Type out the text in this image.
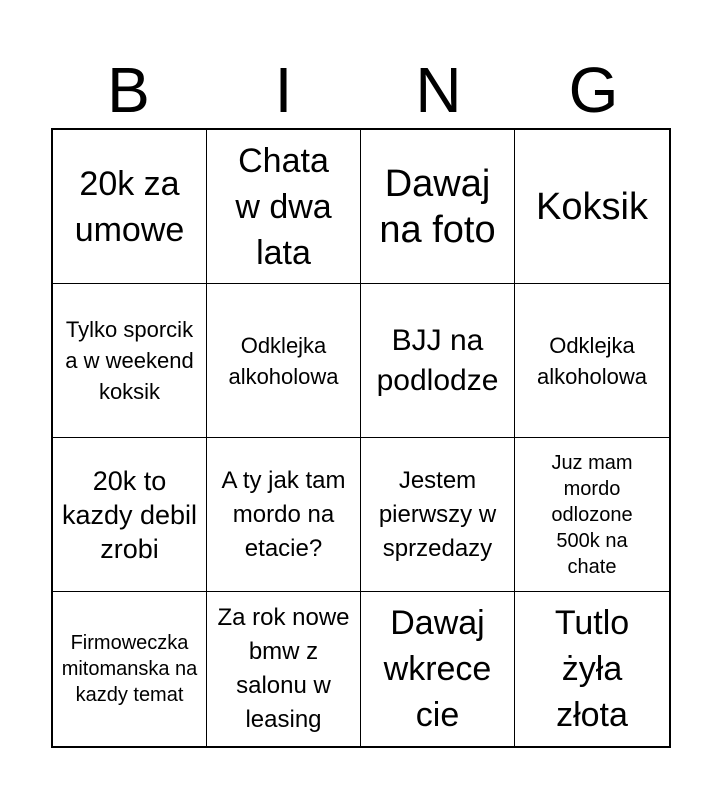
B	I	N	G
20k za umowe
Chata w dwa lata
Dawaj na foto
Koksik
Tylko sporcik a w weekend koksik
Odklejka alkoholowa
BJJ na podlodze
Odklejka alkoholowa
20k to kazdy debil zrobi
A ty jak tam mordo na etacie?
Jestem pierwszy w sprzedazy
Juz mam mordo odlozone 500k na chate
Firmoweczka mitomanska na kazdy temat
Za rok nowe bmw z salonu w leasing
Dawaj wkrece cie
Tutlo żyła złota
